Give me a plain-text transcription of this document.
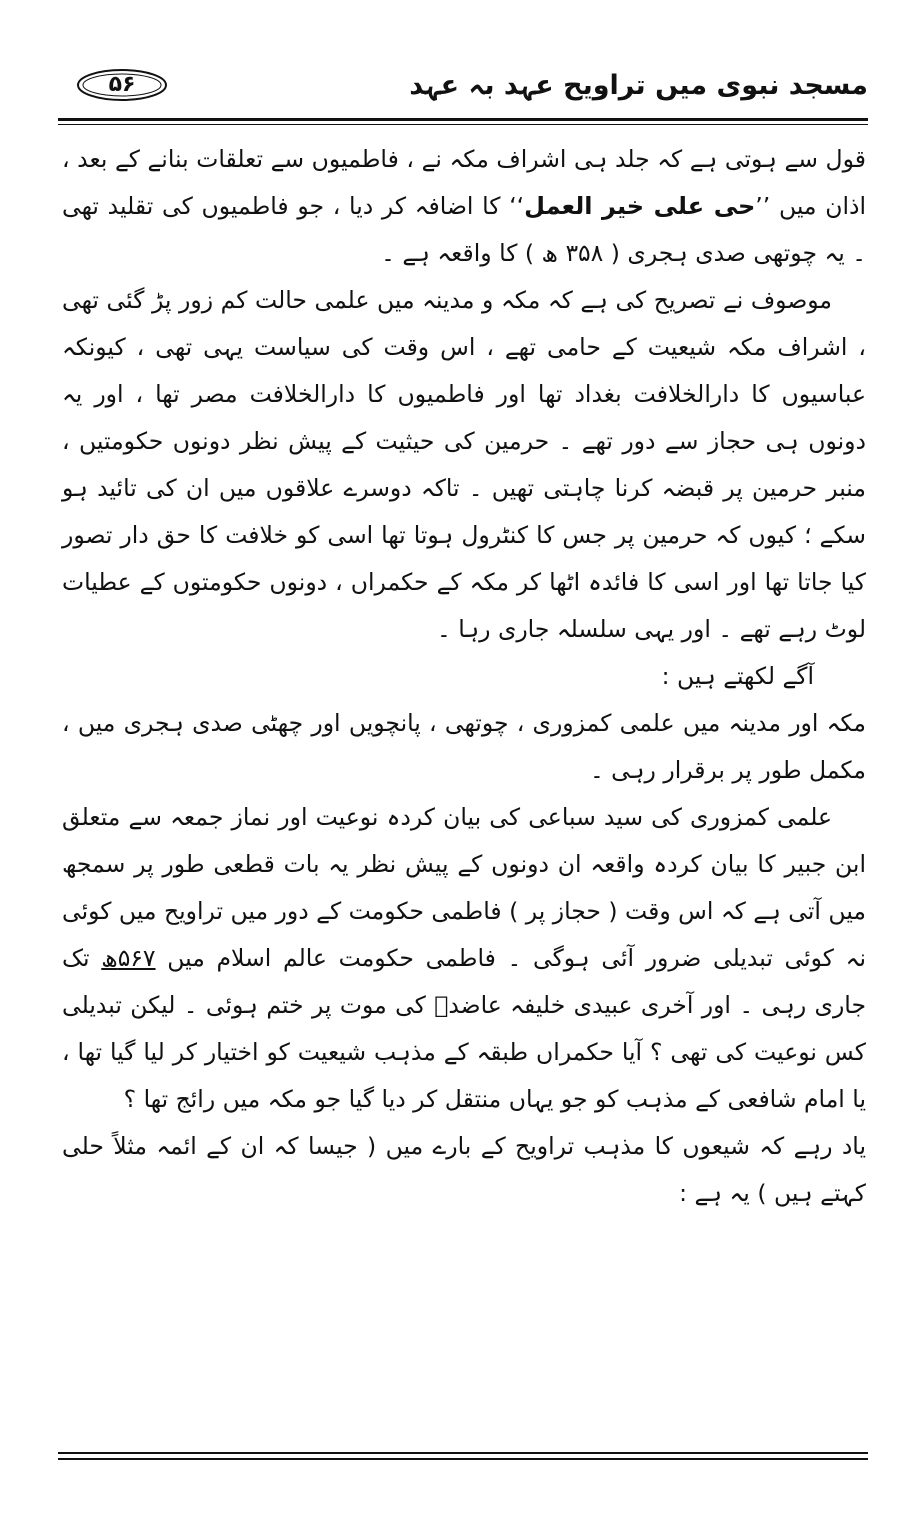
مسجد نبوی میں تراویح عہد بہ عہد
۵۶

قول سے ہوتی ہے کہ جلد ہی اشراف مکہ نے ، فاطمیوں سے تعلقات بنانے کے بعد ، اذان میں ’’حی علی خیر العمل‘‘ کا اضافہ کر دیا ، جو فاطمیوں کی تقلید تھی ۔ یہ چوتھی صدی ہجری ( ۳۵۸ ھ ) کا واقعہ ہے ۔

موصوف نے تصریح کی ہے کہ مکہ و مدینہ میں علمی حالت کم زور پڑ گئی تھی ، اشراف مکہ شیعیت کے حامی تھے ، اس وقت کی سیاست یہی تھی ، کیونکہ عباسیوں کا دارالخلافت بغداد تھا اور فاطمیوں کا دارالخلافت مصر تھا ، اور یہ دونوں ہی حجاز سے دور تھے ۔ حرمین کی حیثیت کے پیش نظر دونوں حکومتیں ، منبر حرمین پر قبضہ کرنا چاہتی تھیں ۔ تاکہ دوسرے علاقوں میں ان کی تائید ہو سکے ؛ کیوں کہ حرمین پر جس کا کنٹرول ہوتا تھا اسی کو خلافت کا حق دار تصور کیا جاتا تھا اور اسی کا فائدہ اٹھا کر مکہ کے حکمراں ، دونوں حکومتوں کے عطیات لوٹ رہے تھے ۔ اور یہی سلسلہ جاری رہا ۔

آگے لکھتے ہیں :

مکہ اور مدینہ میں علمی کمزوری ، چوتھی ، پانچویں اور چھٹی صدی ہجری میں ، مکمل طور پر برقرار رہی ۔

علمی کمزوری کی سید سباعی کی بیان کردہ نوعیت اور نماز جمعہ سے متعلق ابن جبیر کا بیان کردہ واقعہ ان دونوں کے پیش نظر یہ بات قطعی طور پر سمجھ میں آتی ہے کہ اس وقت ( حجاز پر ) فاطمی حکومت کے دور میں تراویح میں کوئی نہ کوئی تبدیلی ضرور آئی ہوگی ۔ فاطمی حکومت عالم اسلام میں ۵۶۷ھ تک جاری رہی ۔ اور آخری عبیدی خلیفہ عاضدؔ کی موت پر ختم ہوئی ۔ لیکن تبدیلی کس نوعیت کی تھی ؟ آیا حکمراں طبقہ کے مذہب شیعیت کو اختیار کر لیا گیا تھا ، یا امام شافعی کے مذہب کو جو یہاں منتقل کر دیا گیا جو مکہ میں رائج تھا ؟

یاد رہے کہ شیعوں کا مذہب تراویح کے بارے میں ( جیسا کہ ان کے ائمہ مثلاً حلی کہتے ہیں ) یہ ہے :
